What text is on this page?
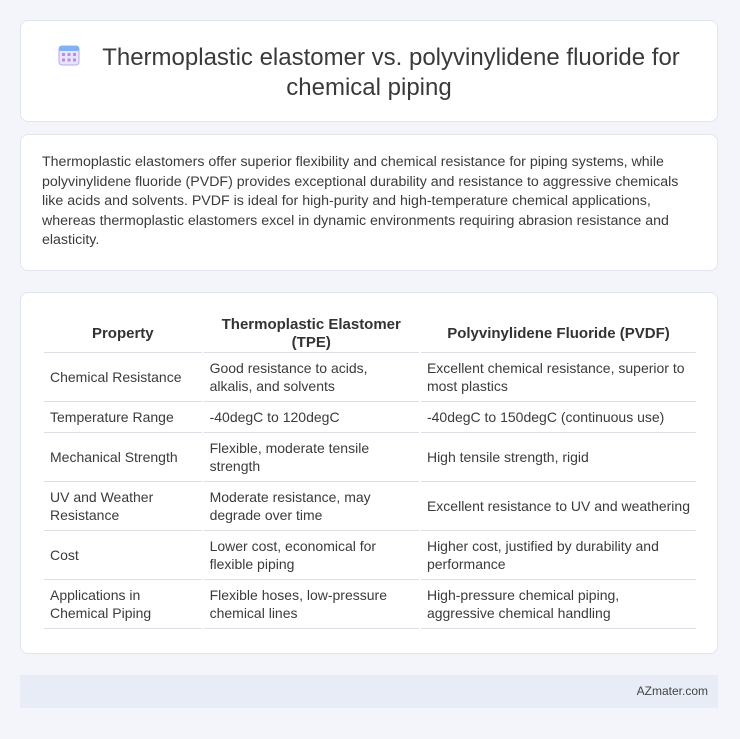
Thermoplastic elastomer vs. polyvinylidene fluoride for chemical piping
Thermoplastic elastomers offer superior flexibility and chemical resistance for piping systems, while polyvinylidene fluoride (PVDF) provides exceptional durability and resistance to aggressive chemicals like acids and solvents. PVDF is ideal for high-purity and high-temperature chemical applications, whereas thermoplastic elastomers excel in dynamic environments requiring abrasion resistance and elasticity.
Property	Thermoplastic Elastomer (TPE)	Polyvinylidene Fluoride (PVDF)
Chemical Resistance	Good resistance to acids, alkalis, and solvents	Excellent chemical resistance, superior to most plastics
Temperature Range	-40degC to 120degC	-40degC to 150degC (continuous use)
Mechanical Strength	Flexible, moderate tensile strength	High tensile strength, rigid
UV and Weather Resistance	Moderate resistance, may degrade over time	Excellent resistance to UV and weathering
Cost	Lower cost, economical for flexible piping	Higher cost, justified by durability and performance
Applications in Chemical Piping	Flexible hoses, low-pressure chemical lines	High-pressure chemical piping, aggressive chemical handling
AZmater.com
